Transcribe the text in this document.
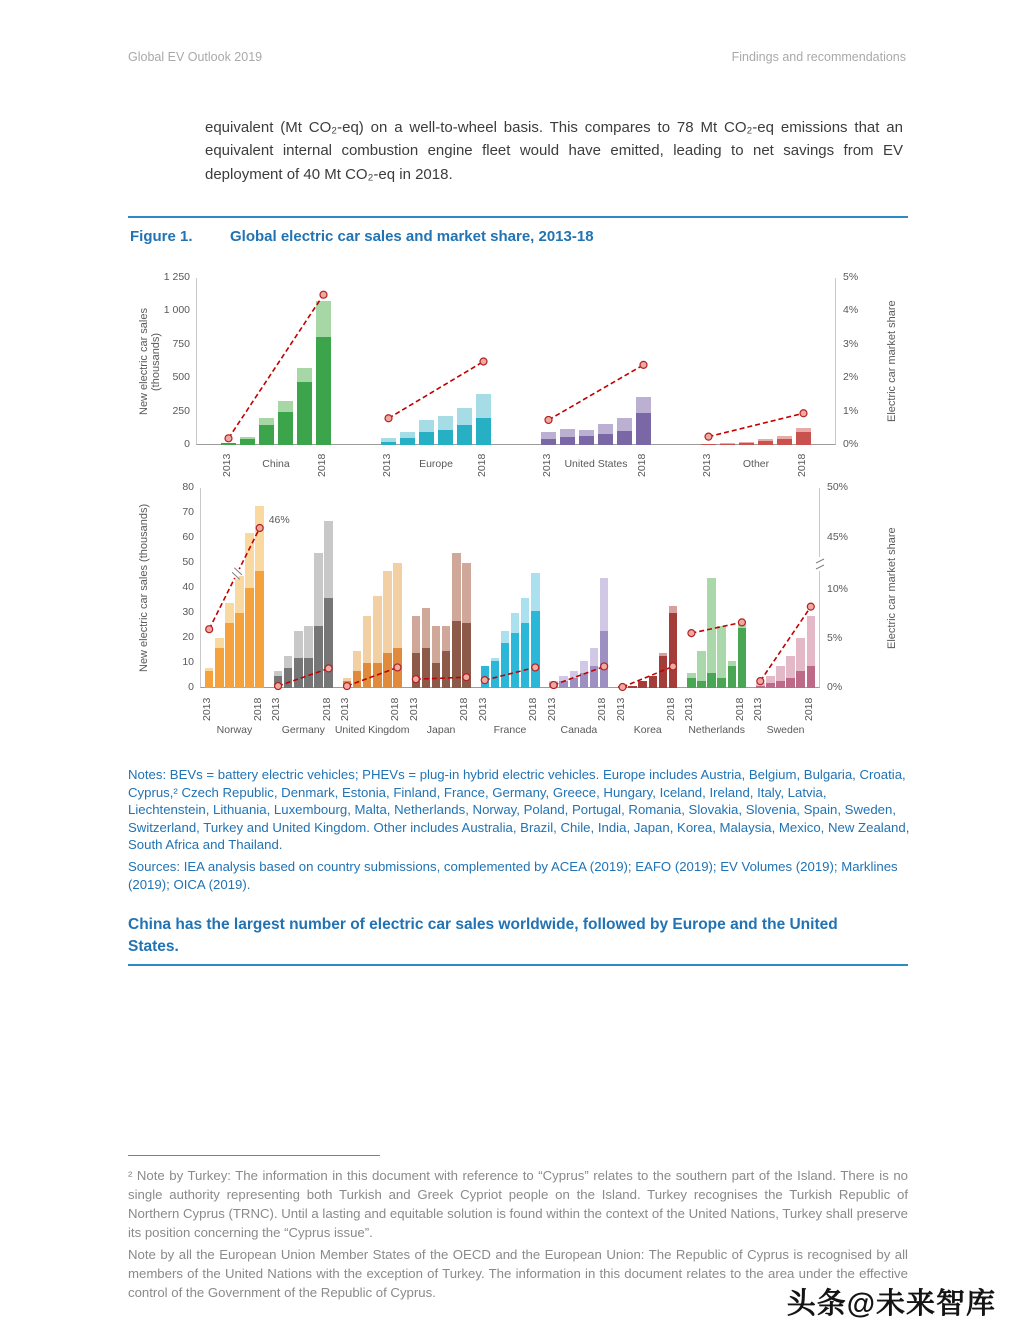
Global EV Outlook 2019	Findings and recommendations
equivalent (Mt CO₂-eq) on a well-to-wheel basis. This compares to 78 Mt CO₂-eq emissions that an equivalent internal combustion engine fleet would have emitted, leading to net savings from EV deployment of 40 Mt CO₂-eq in 2018.
Figure 1. Global electric car sales and market share, 2013-18
New electric car sales (thousands)	Electric car market share
0
250
500
750
1 000
1 250
0%
1%
2%
3%
4%
5%
2013	2018
China	2013	2018
Europe	2013	2018
United States	2013	2018
Other
New electric car sales (thousands)	Electric car market share
0
10
20
30
40
50
60
70
80
0%
5%
10%
45%
50%
2013	2018
Norway
2013	2018
Germany
2013	2018
United Kingdom
2013	2018
Japan
2013	2018
France
2013	2018
Canada
2013	2018
Korea
2013	2018
Netherlands
2013	2018
Sweden
46%
Notes: BEVs = battery electric vehicles; PHEVs = plug-in hybrid electric vehicles. Europe includes Austria, Belgium, Bulgaria, Croatia, Cyprus,² Czech Republic, Denmark, Estonia, Finland, France, Germany, Greece, Hungary, Iceland, Ireland, Italy, Latvia, Liechtenstein, Lithuania, Luxembourg, Malta, Netherlands, Norway, Poland, Portugal, Romania, Slovakia, Slovenia, Spain, Sweden, Switzerland, Turkey and United Kingdom. Other includes Australia, Brazil, Chile, India, Japan, Korea, Malaysia, Mexico, New Zealand, South Africa and Thailand.
Sources: IEA analysis based on country submissions, complemented by ACEA (2019); EAFO (2019); EV Volumes (2019); Marklines (2019); OICA (2019).
China has the largest number of electric car sales worldwide, followed by Europe and the United States.

² Note by Turkey: The information in this document with reference to “Cyprus” relates to the southern part of the Island. There is no single authority representing both Turkish and Greek Cypriot people on the Island. Turkey recognises the Turkish Republic of Northern Cyprus (TRNC). Until a lasting and equitable solution is found within the context of the United Nations, Turkey shall preserve its position concerning the “Cyprus issue”.

Note by all the European Union Member States of the OECD and the European Union: The Republic of Cyprus is recognised by all members of the United Nations with the exception of Turkey. The information in this document relates to the area under the effective control of the Government of the Republic of Cyprus.	头条@未来智库
